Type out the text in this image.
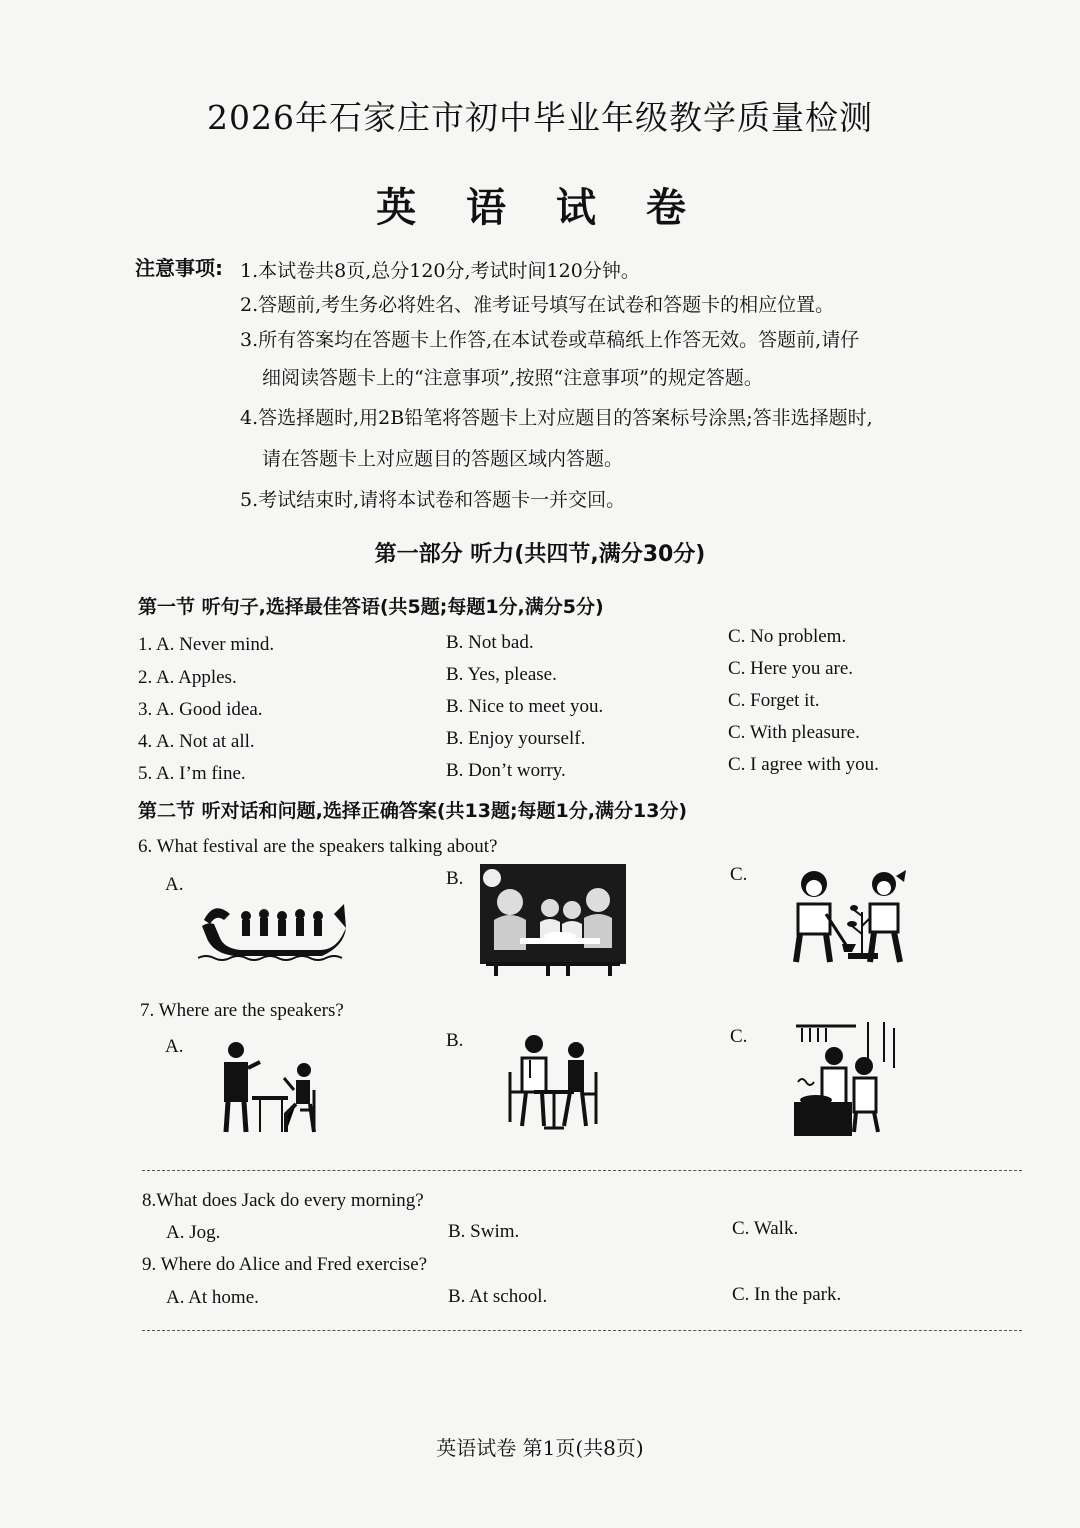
2026年石家庄市初中毕业年级教学质量检测
英 语 试 卷
注意事项: 1.本试卷共8页,总分120分,考试时间120分钟。
2.答题前,考生务必将姓名、准考证号填写在试卷和答题卡的相应位置。
3.所有答案均在答题卡上作答,在本试卷或草稿纸上作答无效。答题前,请仔
细阅读答题卡上的“注意事项”,按照“注意事项”的规定答题。
4.答选择题时,用2B铅笔将答题卡上对应题目的答案标号涂黑;答非选择题时,
请在答题卡上对应题目的答题区域内答题。
5.考试结束时,请将本试卷和答题卡一并交回。
第一部分 听力(共四节,满分30分)
第一节 听句子,选择最佳答语(共5题;每题1分,满分5分)
1. A. Never mind.	B. Not bad.	C. No problem.
2. A. Apples.	B. Yes, please.	C. Here you are.
3. A. Good idea.	B. Nice to meet you.	C. Forget it.
4. A. Not at all.	B. Enjoy yourself.	C. With pleasure.
5. A. I’m fine.	B. Don’t worry.	C. I agree with you.
第二节 听对话和问题,选择正确答案(共13题;每题1分,满分13分)
6. What festival are the speakers talking about?
A.	B.	C.
7. Where are the speakers?
A.	B.	C.
8.What does Jack do every morning?
A. Jog.	B. Swim.	C. Walk.
9. Where do Alice and Fred exercise?
A. At home.	B. At school.	C. In the park.
英语试卷 第1页(共8页)
